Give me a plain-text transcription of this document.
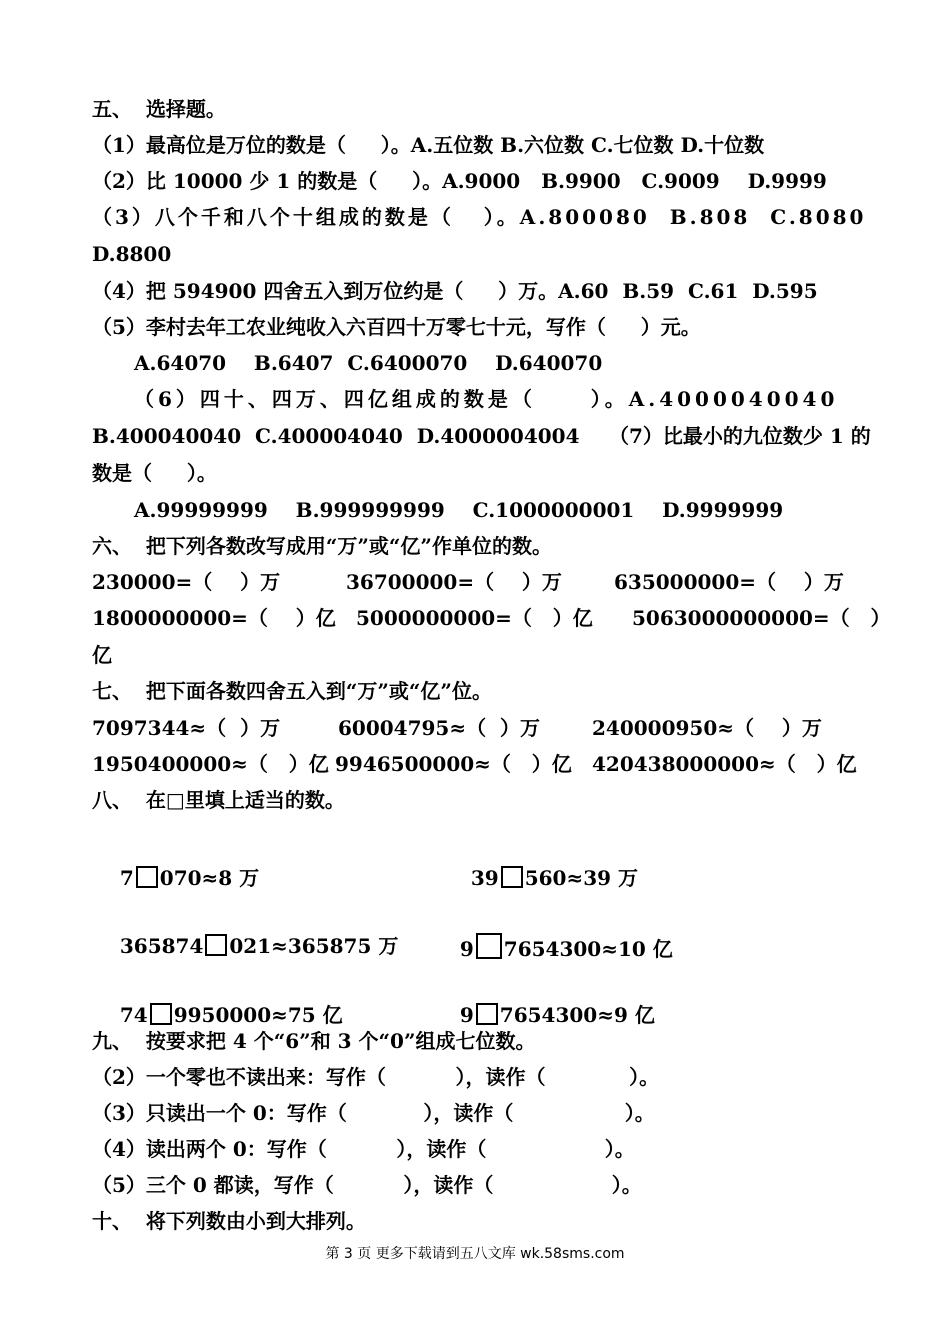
五、  选择题。
（1）最高位是万位的数是（     ）。A.五位数 B.六位数 C.七位数 D.十位数
（2）比 10000 少 1 的数是（     ）。A.9000   B.9900   C.9009    D.9999
（3）八个千和八个十组成的数是（   ）。A.800080  B.808  C.8080
D.8800
（4）把 594900 四舍五入到万位约是（     ）万。A.60  B.59  C.61  D.595
（5）李村去年工农业纯收入六百四十万零七十元，写作（     ）元。
A.64070    B.6407  C.6400070    D.640070
（6）四十、四万、四亿组成的数是（     ）。A.4000040040
B.400040040  C.400004040  D.4000004004 （7）比最小的九位数少 1 的
数是（     ）。
A.99999999    B.999999999    C.1000000001    D.9999999
六、  把下列各数改写成用“万”或“亿”作单位的数。
230000=（    ）万	36700000=（    ）万	635000000=（    ）万
1800000000=（    ）亿 5000000000=（   ）亿 5063000000000=（   ）
亿
七、  把下面各数四舍五入到“万”或“亿”位。
7097344≈（  ）万	60004795≈（  ）万	240000950≈（    ）万
1950400000≈（   ）亿 9946500000≈（   ）亿 420438000000≈（   ）亿
八、  在□里填上适当的数。

7 070≈8 万
	39 560≈39 万

365874 021≈365875 万
	9 7654300≈10 亿

74 9950000≈75 亿
	9 7654300≈9 亿

九、  按要求把 4 个“6”和 3 个“0”组成七位数。
（2）一个零也不读出来：写作（          ），读作（            ）。
（3）只读出一个 0：写作（           ），读作（                ）。
（4）读出两个 0：写作（          ），读作（                 ）。
（5）三个 0 都读，写作（          ），读作（                 ）。
十、  将下列数由小到大排列。
第 3 页 更多下载请到五八文库 wk.58sms.com
